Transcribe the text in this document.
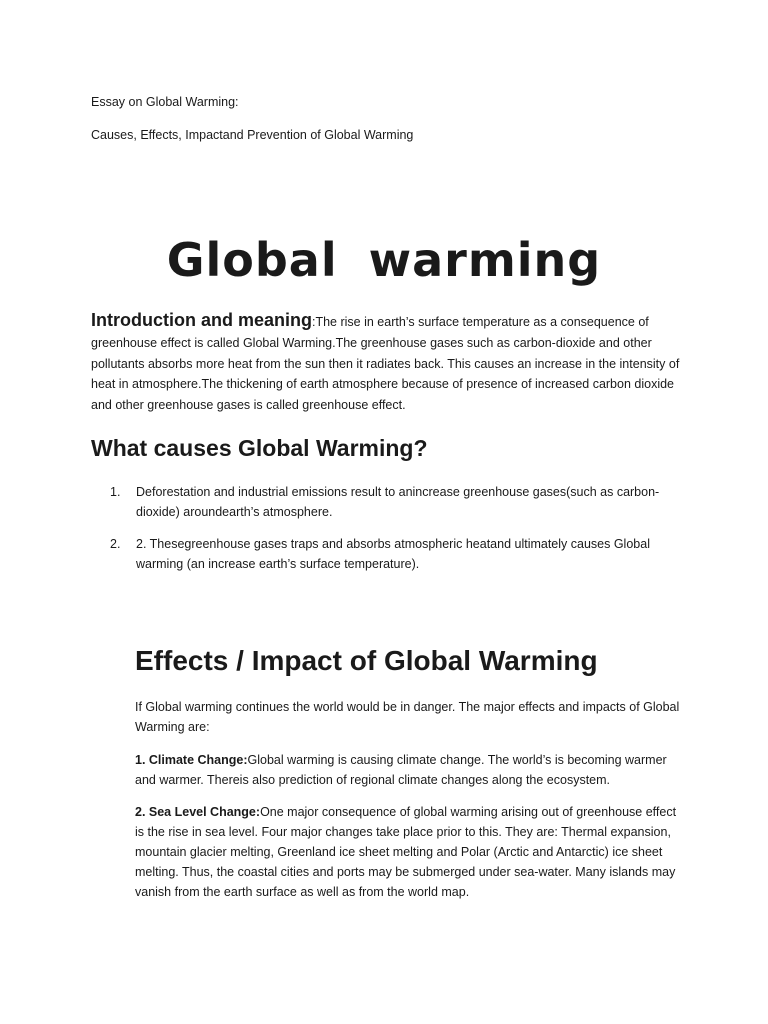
Essay on Global Warming:
Causes, Effects, Impactand Prevention of Global Warming
Global warming
Introduction and meaning:The rise in earth’s surface temperature as a consequence of greenhouse effect is called Global Warming.The greenhouse gases such as carbon-dioxide and other pollutants absorbs more heat from the sun then it radiates back. This causes an increase in the intensity of heat in atmosphere.The thickening of earth atmosphere because of presence of increased carbon dioxide and other greenhouse gases is called greenhouse effect.
What causes Global Warming?
1. Deforestation and industrial emissions result to anincrease greenhouse gases(such as carbon-dioxide) aroundearth’s atmosphere.
2. 2. Thesegreenhouse gases traps and absorbs atmospheric heatand ultimately causes Global warming (an increase earth’s surface temperature).
Effects / Impact of Global Warming

If Global warming continues the world would be in danger. The major effects and impacts of Global Warming are:

1. Climate Change:Global warming is causing climate change. The world’s is becoming warmer and warmer. Thereis also prediction of regional climate changes along the ecosystem.

2. Sea Level Change:One major consequence of global warming arising out of greenhouse effect is the rise in sea level. Four major changes take place prior to this. They are: Thermal expansion, mountain glacier melting, Greenland ice sheet melting and Polar (Arctic and Antarctic) ice sheet melting. Thus, the coastal cities and ports may be submerged under sea-water. Many islands may vanish from the earth surface as well as from the world map.
